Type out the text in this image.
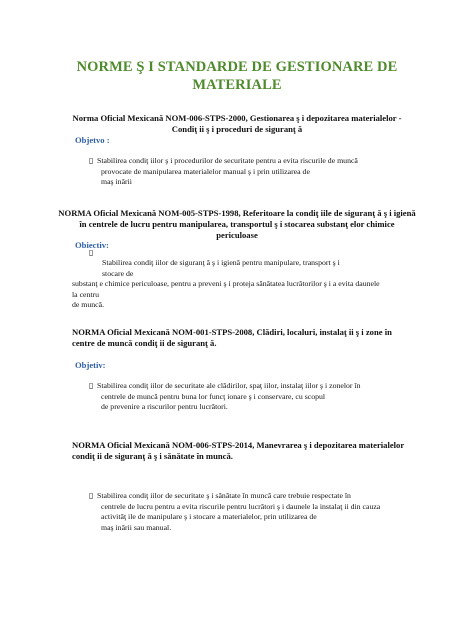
NORME Ş I STANDARDE DE GESTIONARE DE
MATERIALE
Norma Oficial Mexicană NOM-006-STPS-2000, Gestionarea ş i depozitarea materialelor -
Condiţ ii ş i proceduri de siguranţ ă
Objetvo :
▯ Stabilirea condiţ iilor ş i procedurilor de securitate pentru a evita riscurile de muncă
provocate de manipularea materialelor manual ş i prin utilizarea de
maş inării
NORMA Oficial Mexicană NOM-005-STPS-1998, Referitoare la condiţ iile de siguranţ ă ş i igienă
în centrele de lucru pentru manipularea, transportul ş i stocarea substanţ elor chimice
periculoase
Obiectiv:
▯
Stabilirea condiţ iilor de siguranţ ă ş i igienă pentru manipulare, transport ş i
stocare de
substanţ e chimice periculoase, pentru a preveni ş i proteja sănătatea lucrătorilor ş i a evita daunele
la centru
de muncă.
NORMA Oficial Mexicană NOM-001-STPS-2008, Clădiri, localuri, instalaţ ii ş i zone în
centre de muncă condiţ ii de siguranţ ă.
Objetiv:
▯ Stabilirea condiţ iilor de securitate ale clădirilor, spaţ iilor, instalaţ iilor ş i zonelor în
centrele de muncă pentru buna lor funcţ ionare ş i conservare, cu scopul
de prevenire a riscurilor pentru lucrători.
NORMA Oficial Mexicană NOM-006-STPS-2014, Manevrarea ş i depozitarea materialelor
condiţ ii de siguranţ ă ş i sănătate în muncă.
▯ Stabilirea condiţ iilor de securitate ş i sănătate în muncă care trebuie respectate în
centrele de lucru pentru a evita riscurile pentru lucrători ş i daunele la instalaţ ii din cauza
activităţ ile de manipulare ş i stocare a materialelor, prin utilizarea de
maş inării sau manual.
